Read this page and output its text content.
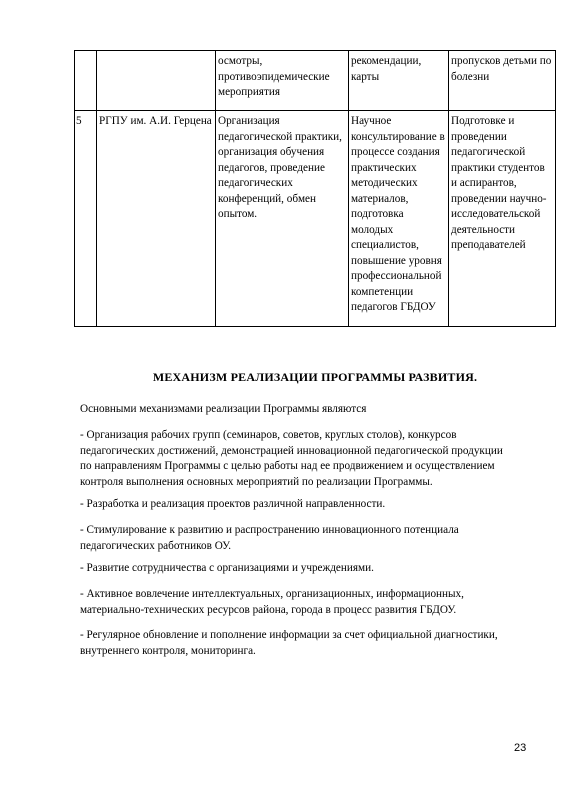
		осмотры, противоэпидемические мероприятия	рекомендации, карты	пропусков детьми по болезни

5	РГПУ им. А.И. Герцена	Организация педагогической практики, организация обучения педагогов, проведение педагогических конференций, обмен опытом.	Научное консультирование в процессе создания практических методических материалов, подготовка молодых специалистов, повышение уровня профессиональной компетенции педагогов ГБДОУ	Подготовке и проведении педагогической практики студентов и аспирантов, проведении научно-исследовательской деятельности преподавателей
МЕХАНИЗМ РЕАЛИЗАЦИИ ПРОГРАММЫ РАЗВИТИЯ.
Основными механизмами реализации Программы являются
- Организация рабочих групп (семинаров, советов, круглых столов), конкурсов педагогических достижений, демонстрацией инновационной педагогической продукции по направлениям Программы с целью работы над ее продвижением и осуществлением контроля выполнения основных мероприятий по реализации Программы.
- Разработка и реализация проектов различной направленности.
- Стимулирование к развитию и распространению инновационного потенциала педагогических работников ОУ.
- Развитие сотрудничества с организациями и учреждениями.
- Активное вовлечение интеллектуальных, организационных, информационных, материально-технических ресурсов района, города в процесс развития ГБДОУ.
- Регулярное обновление и пополнение информации за счет официальной диагностики, внутреннего контроля, мониторинга.
23
